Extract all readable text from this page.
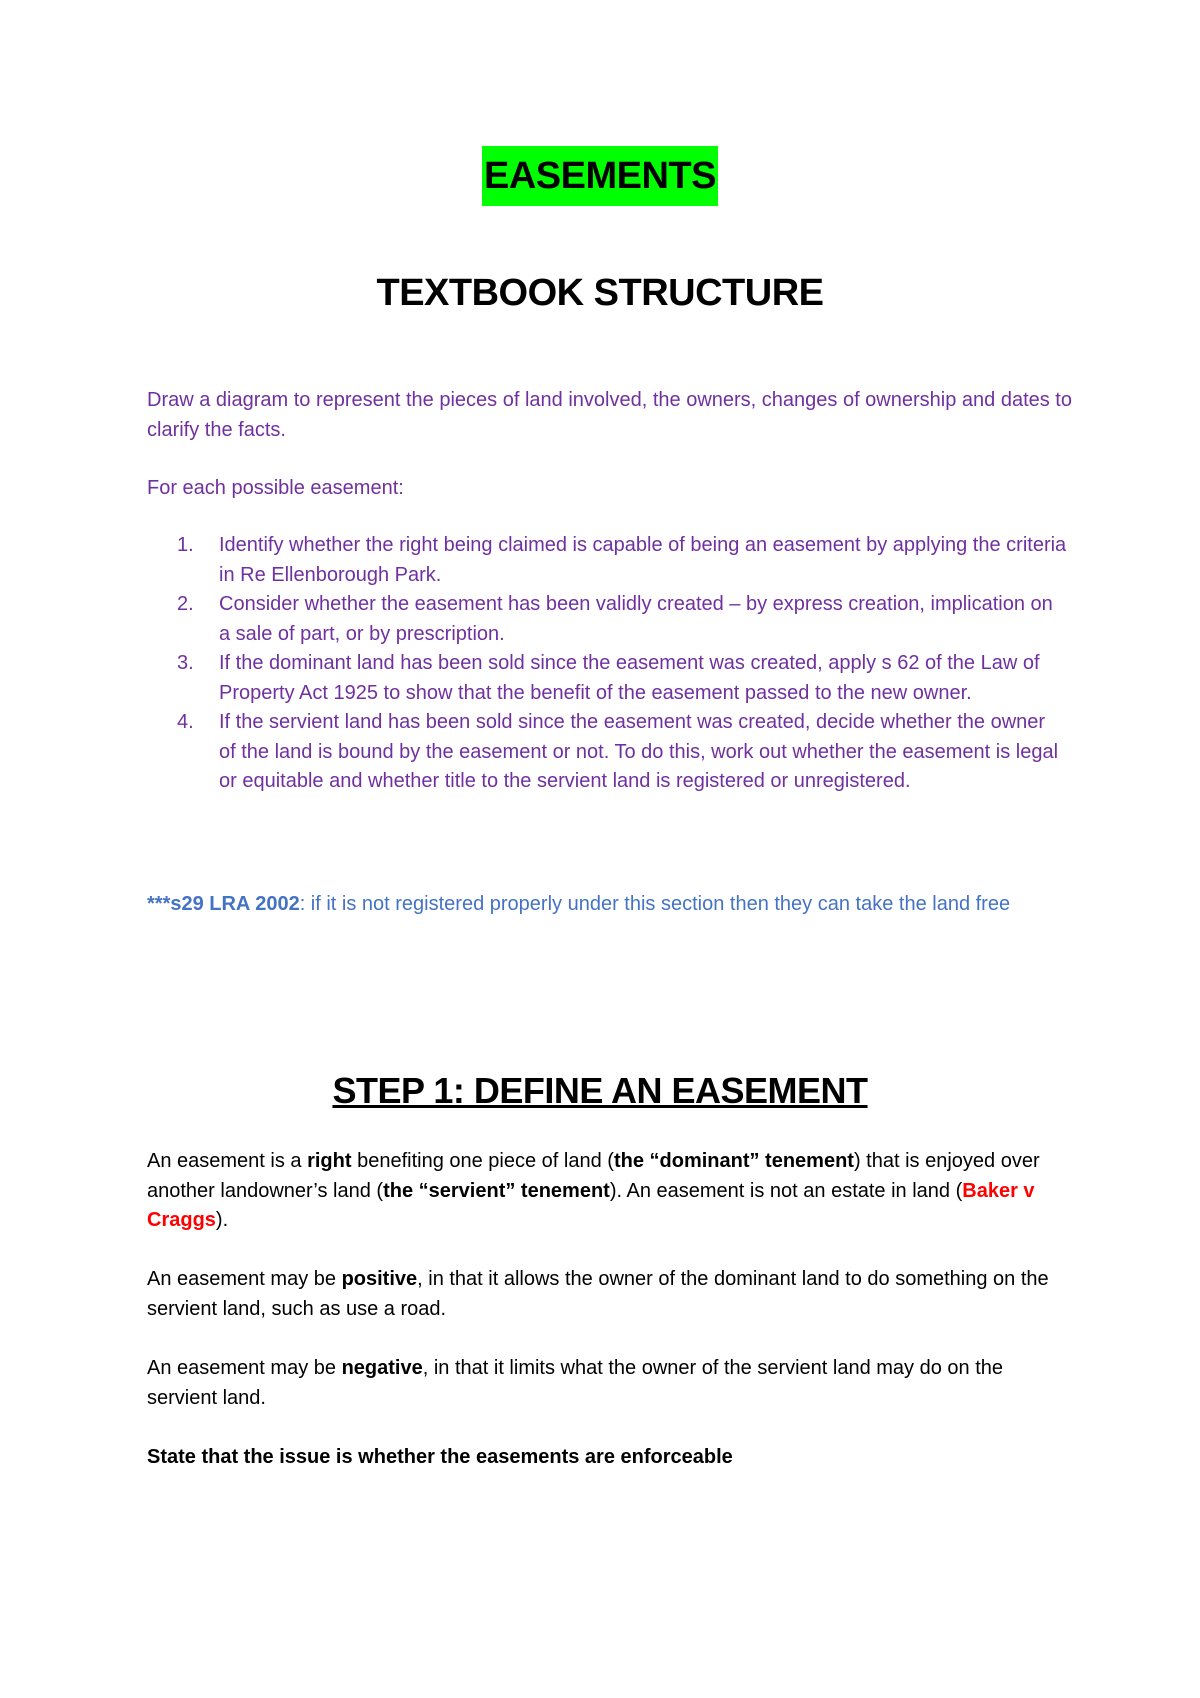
EASEMENTS
TEXTBOOK STRUCTURE
Draw a diagram to represent the pieces of land involved, the owners, changes of ownership and dates to clarify the facts.
For each possible easement:
1. Identify whether the right being claimed is capable of being an easement by applying the criteria in Re Ellenborough Park.
2. Consider whether the easement has been validly created – by express creation, implication on a sale of part, or by prescription.
3. If the dominant land has been sold since the easement was created, apply s 62 of the Law of Property Act 1925 to show that the benefit of the easement passed to the new owner.
4. If the servient land has been sold since the easement was created, decide whether the owner of the land is bound by the easement or not. To do this, work out whether the easement is legal or equitable and whether title to the servient land is registered or unregistered.
***s29 LRA 2002: if it is not registered properly under this section then they can take the land free
STEP 1: DEFINE AN EASEMENT
An easement is a right benefiting one piece of land (the “dominant” tenement) that is enjoyed over another landowner’s land (the “servient” tenement). An easement is not an estate in land (Baker v Craggs).
An easement may be positive, in that it allows the owner of the dominant land to do something on the servient land, such as use a road.
An easement may be negative, in that it limits what the owner of the servient land may do on the servient land.
State that the issue is whether the easements are enforceable
